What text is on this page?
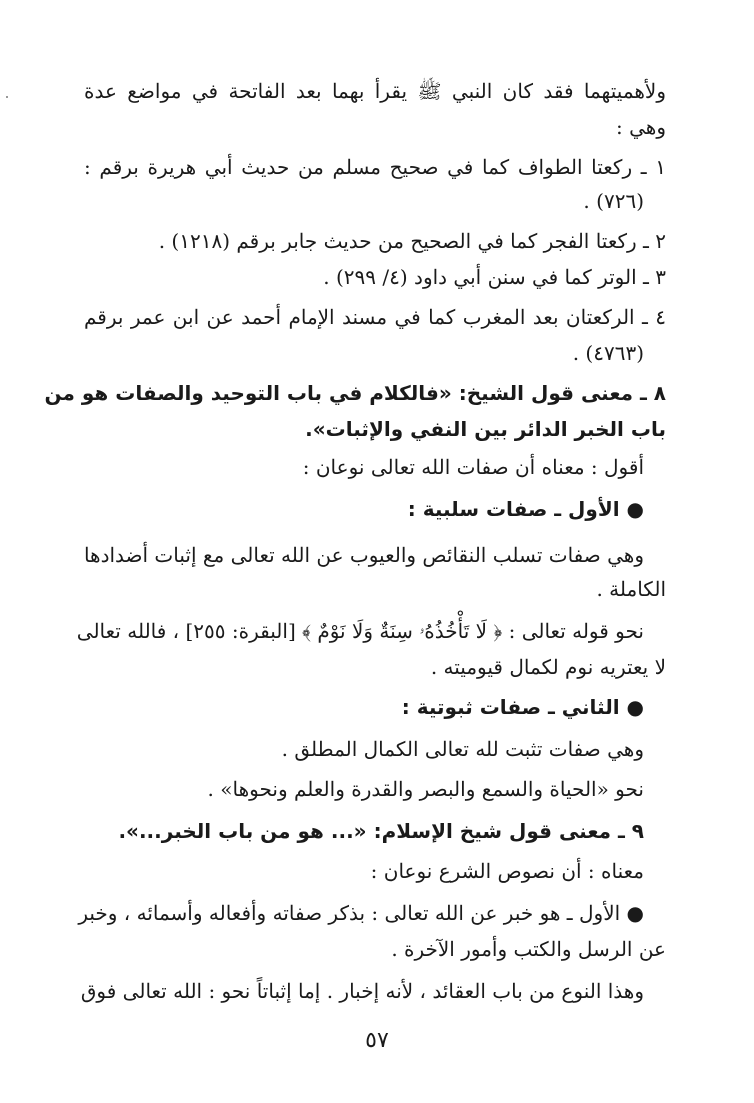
ولأهميتهما فقد كان النبي ﷺ يقرأ بهما بعد الفاتحة في مواضع عدة
وهي :
١ ـ ركعتا الطواف كما في صحيح مسلم من حديث أبي هريرة برقم :
(٧٢٦) .
٢ ـ ركعتا الفجر كما في الصحيح من حديث جابر برقم (١٢١٨) .
٣ ـ الوتر كما في سنن أبي داود (٤/ ٢٩٩) .
٤ ـ الركعتان بعد المغرب كما في مسند الإمام أحمد عن ابن عمر برقم
(٤٧٦٣) .
٨ ـ معنى قول الشيخ: «فالكلام في باب التوحيد والصفات هو من
باب الخبر الدائر بين النفي والإثبات».
أقول : معناه أن صفات الله تعالى نوعان :
● الأول ـ صفات سلبية :
وهي صفات تسلب النقائص والعيوب عن الله تعالى مع إثبات أضدادها
الكاملة .
نحو قوله تعالى : ﴿ لَا تَأْخُذُهُۥ سِنَةٌ وَلَا نَوْمٌ ﴾ [البقرة: ٢٥٥] ، فالله تعالى
لا يعتريه نوم لكمال قيوميته .
● الثاني ـ صفات ثبوتية :
وهي صفات تثبت لله تعالى الكمال المطلق .
نحو «الحياة والسمع والبصر والقدرة والعلم ونحوها» .
٩ ـ معنى قول شيخ الإسلام: «... هو من باب الخبر...».
معناه : أن نصوص الشرع نوعان :
● الأول ـ هو خبر عن الله تعالى : بذكر صفاته وأفعاله وأسمائه ، وخبر
عن الرسل والكتب وأمور الآخرة .
وهذا النوع من باب العقائد ، لأنه إخبار . إما إثباتاً نحو : الله تعالى فوق
٥٧
